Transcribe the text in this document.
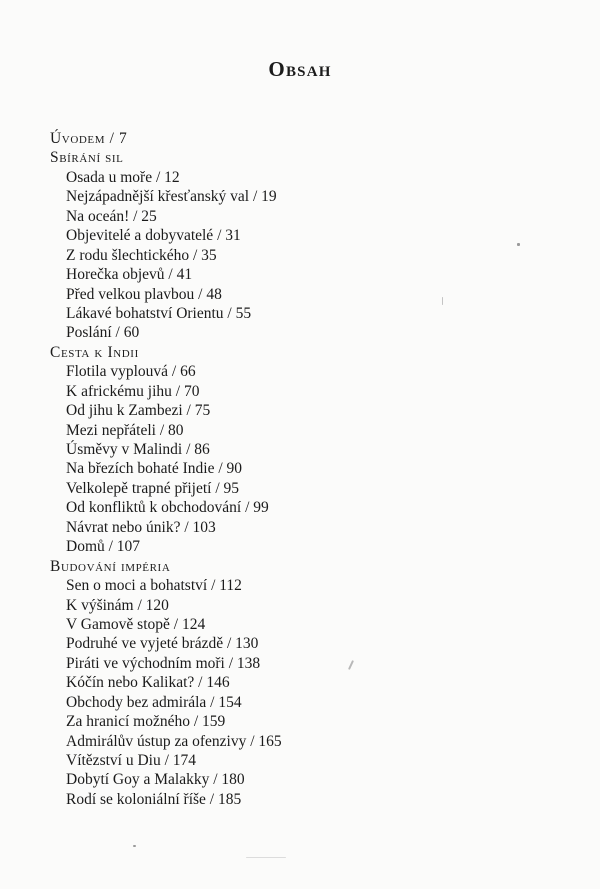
Obsah
Úvodem / 7
Sbírání sil
Osada u moře / 12
Nejzápadnější křesťanský val / 19
Na oceán! / 25
Objevitelé a dobyvatelé / 31
Z rodu šlechtického / 35
Horečka objevů / 41
Před velkou plavbou / 48
Lákavé bohatství Orientu / 55
Poslání / 60
Cesta k Indii
Flotila vyplouvá / 66
K africkému jihu / 70
Od jihu k Zambezi / 75
Mezi nepřáteli / 80
Úsměvy v Malindi / 86
Na březích bohaté Indie / 90
Velkolepě trapné přijetí / 95
Od konfliktů k obchodování / 99
Návrat nebo únik? / 103
Domů / 107
Budování impéria
Sen o moci a bohatství / 112
K výšinám / 120
V Gamově stopě / 124
Podruhé ve vyjeté brázdě / 130
Piráti ve východním moři / 138
Kóčín nebo Kalikat? / 146
Obchody bez admirála / 154
Za hranicí možného / 159
Admirálův ústup za ofenzivy / 165
Vítězství u Diu / 174
Dobytí Goy a Malakky / 180
Rodí se koloniální říše / 185
